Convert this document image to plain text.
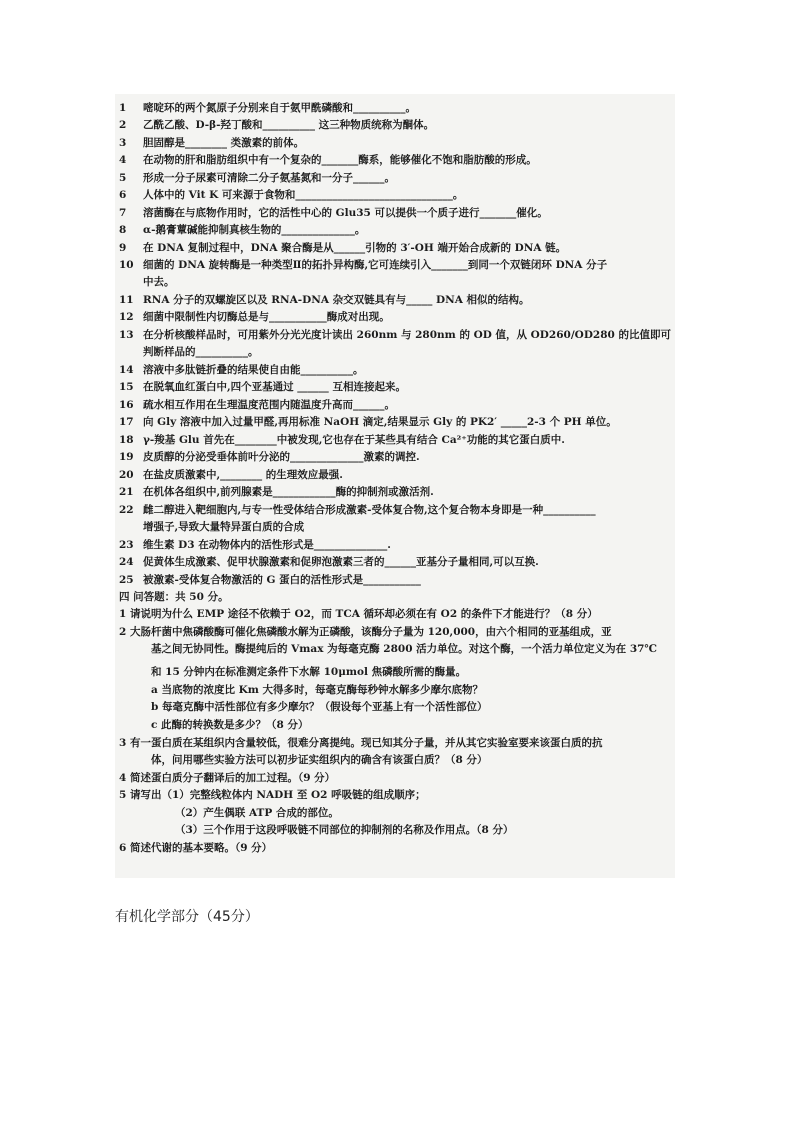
1 嘧啶环的两个氮原子分别来自于氨甲酰磷酸和__________。
2 乙酰乙酸、D-β-羟丁酸和__________ 这三种物质统称为酮体。
3 胆固醇是________ 类激素的前体。
4 在动物的肝和脂肪组织中有一个复杂的_______酶系，能够催化不饱和脂肪酸的形成。
5 形成一分子尿素可清除二分子氨基氮和一分子______。
6 人体中的 Vit K 可来源于食物和______________________________。
7 溶菌酶在与底物作用时，它的活性中心的 Glu35 可以提供一个质子进行_______催化。
8 α-鹅膏蕈碱能抑制真核生物的______________。
9 在 DNA 复制过程中，DNA 聚合酶是从______引物的 3′-OH 端开始合成新的 DNA 链。
10 细菌的 DNA 旋转酶是一种类型Ⅱ的拓扑异构酶,它可连续引入_______到同一个双链闭环 DNA 分子
中去。
11 RNA 分子的双螺旋区以及 RNA-DNA 杂交双链具有与_____ DNA 相似的结构。
12 细菌中限制性内切酶总是与___________酶成对出现。
13 在分析核酸样品时，可用紫外分光光度计读出 260nm 与 280nm 的 OD 值，从 OD260/OD280 的比值即可
判断样品的__________。
14 溶液中多肽链折叠的结果使自由能__________。
15 在脱氧血红蛋白中,四个亚基通过 ______ 互相连接起来。
16 疏水相互作用在生理温度范围内随温度升高而______。
17 向 Gly 溶液中加入过量甲醛,再用标准 NaOH 滴定,结果显示 Gly 的 PK2′ _____2-3 个 PH 单位。
18 γ-羧基 Glu 首先在________中被发现,它也存在于某些具有结合 Ca²⁺功能的其它蛋白质中.
19 皮质醇的分泌受垂体前叶分泌的______________激素的调控.
20 在盐皮质激素中,________ 的生理效应最强.
21 在机体各组织中,前列腺素是____________酶的抑制剂或激活剂.
22 雌二醇进入靶细胞内,与专一性受体结合形成激素-受体复合物,这个复合物本身即是一种__________
增强子,导致大量特异蛋白质的合成
23 维生素 D3 在动物体内的活性形式是______________.
24 促黄体生成激素、促甲状腺激素和促卵泡激素三者的______亚基分子量相同,可以互换.
25 被激素-受体复合物激活的 G 蛋白的活性形式是___________
四 问答题：共 50 分。
1 请说明为什么 EMP 途径不依赖于 O2，而 TCA 循环却必须在有 O2 的条件下才能进行？（8 分）
2 大肠杆菌中焦磷酸酶可催化焦磷酸水解为正磷酸，该酶分子量为 120,000，由六个相同的亚基组成，亚
基之间无协同性。酶提纯后的 Vmax 为每毫克酶 2800 活力单位。对这个酶，一个活力单位定义为在 37℃
和 15 分钟内在标准测定条件下水解 10μmol 焦磷酸所需的酶量。
a 当底物的浓度比 Km 大得多时，每毫克酶每秒钟水解多少摩尔底物？
b 每毫克酶中活性部位有多少摩尔？（假设每个亚基上有一个活性部位）
c 此酶的转换数是多少？（8 分）
3 有一蛋白质在某组织内含量较低，很难分离提纯。现已知其分子量，并从其它实验室要来该蛋白质的抗
体，问用哪些实验方法可以初步证实组织内的确含有该蛋白质？（8 分）
4 简述蛋白质分子翻译后的加工过程。（9 分）
5 请写出（1）完整线粒体内 NADH 至 O2 呼吸链的组成顺序；
（2）产生偶联 ATP 合成的部位。
（3）三个作用于这段呼吸链不同部位的抑制剂的名称及作用点。（8 分）
6 简述代谢的基本要略。（9 分）
有机化学部分（45分）
